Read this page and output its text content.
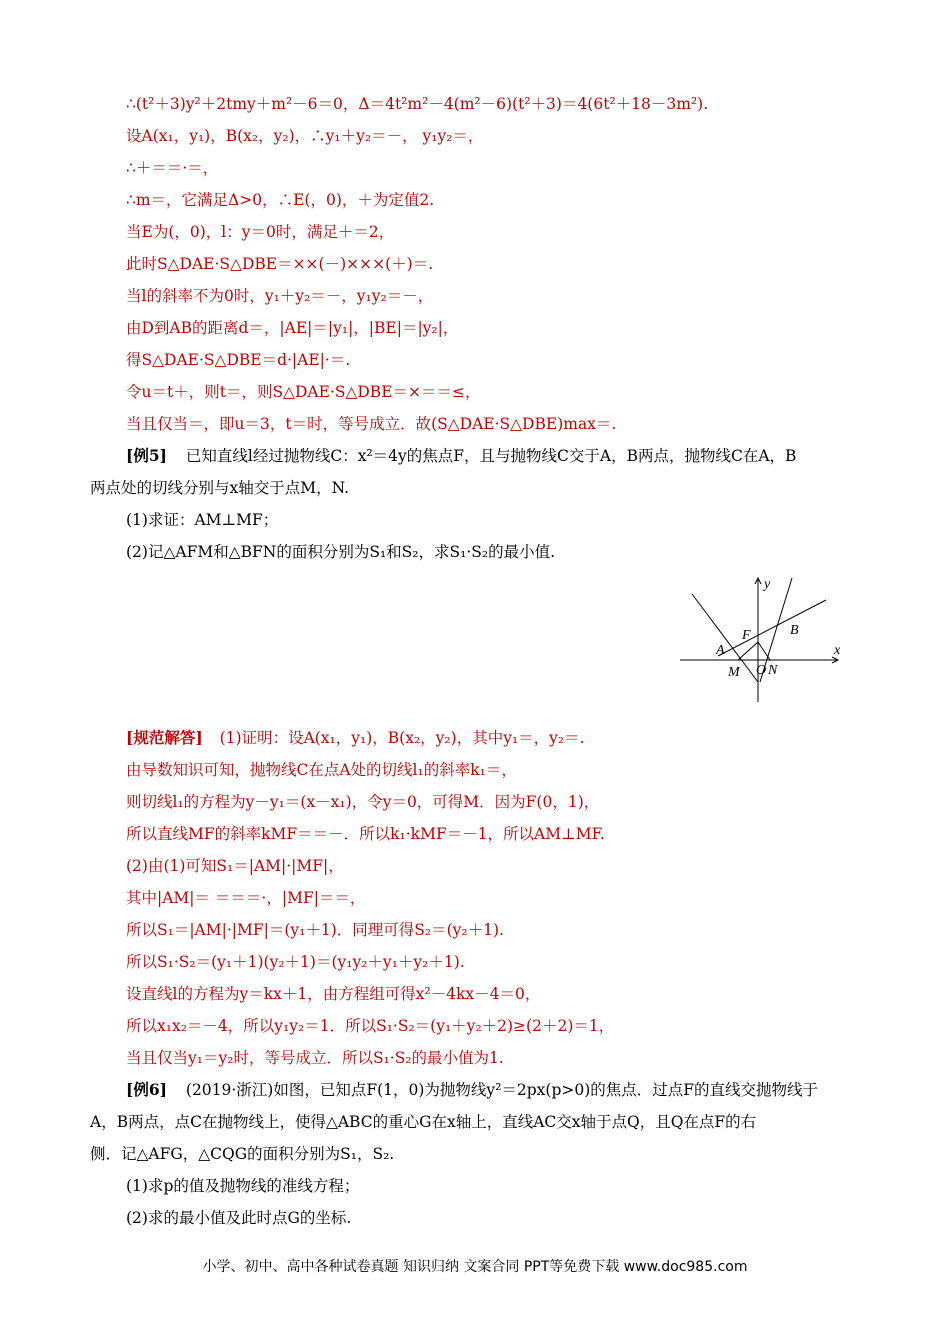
∴(t²＋3)y²＋2tmy＋m²－6＝0，Δ＝4t²m²－4(m²－6)(t²＋3)＝4(6t²＋18－3m²).
设A(x₁，y₁)，B(x₂，y₂)，∴y₁＋y₂＝－， y₁y₂＝，
∴＋＝＝·＝，
∴m＝，它满足Δ>0，∴E(，0)，＋为定值2.
当E为(，0)，l：y＝0时，满足＋＝2，
此时S△DAE·S△DBE＝××(－)×××(＋)＝.
当l的斜率不为0时，y₁＋y₂＝－，y₁y₂＝－，
由D到AB的距离d＝，|AE|＝|y₁|，|BE|＝|y₂|，
得S△DAE·S△DBE＝d·|AE|·＝.
令u＝t＋，则t＝，则S△DAE·S△DBE＝×＝＝≤，
当且仅当＝，即u＝3，t＝时，等号成立．故(S△DAE·S△DBE)max＝.
[例5] 已知直线l经过抛物线C：x²＝4y的焦点F，且与抛物线C交于A，B两点，抛物线C在A，B
两点处的切线分别与x轴交于点M，N.
(1)求证：AM⊥MF；
(2)记△AFM和△BFN的面积分别为S₁和S₂，求S₁·S₂的最小值.
y
x
A
B
F
M O N
[规范解答] (1)证明：设A(x₁，y₁)，B(x₂，y₂)，其中y₁＝，y₂＝.
由导数知识可知，抛物线C在点A处的切线l₁的斜率k₁＝，
则切线l₁的方程为y－y₁＝(x－x₁)，令y＝0，可得M．因为F(0，1)，
所以直线MF的斜率kMF＝＝－．所以k₁·kMF＝－1，所以AM⊥MF.
(2)由(1)可知S₁＝|AM|·|MF|，
其中|AM|＝ ＝＝＝·，|MF|＝＝，
所以S₁＝|AM|·|MF|＝(y₁＋1)．同理可得S₂＝(y₂＋1).
所以S₁·S₂＝(y₁＋1)(y₂＋1)＝(y₁y₂＋y₁＋y₂＋1).
设直线l的方程为y＝kx＋1，由方程组可得x²－4kx－4＝0，
所以x₁x₂＝－4，所以y₁y₂＝1．所以S₁·S₂＝(y₁＋y₂＋2)≥(2＋2)＝1，
当且仅当y₁＝y₂时，等号成立．所以S₁·S₂的最小值为1.
[例6] (2019·浙江)如图，已知点F(1，0)为抛物线y²＝2px(p>0)的焦点．过点F的直线交抛物线于
A，B两点，点C在抛物线上，使得△ABC的重心G在x轴上，直线AC交x轴于点Q，且Q在点F的右
侧．记△AFG，△CQG的面积分别为S₁，S₂.
(1)求p的值及抛物线的准线方程；
(2)求的最小值及此时点G的坐标.
小学、初中、高中各种试卷真题 知识归纳 文案合同 PPT等免费下载 www.doc985.com
